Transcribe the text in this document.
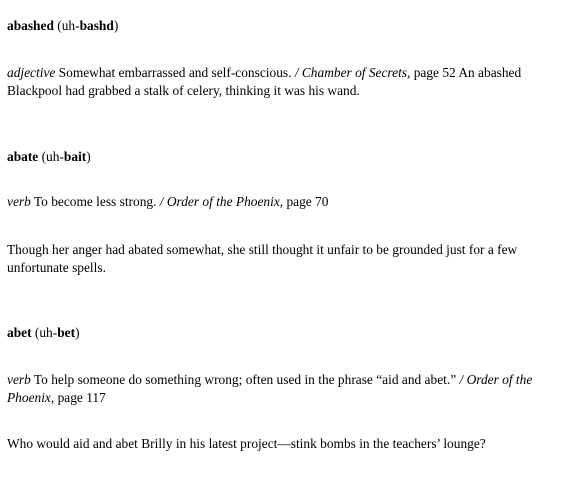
abashed (uh-bashd)
adjective Somewhat embarrassed and self-conscious. / Chamber of Secrets, page 52 An abashed
Blackpool had grabbed a stalk of celery, thinking it was his wand.
abate (uh-bait)
verb To become less strong. / Order of the Phoenix, page 70
Though her anger had abated somewhat, she still thought it unfair to be grounded just for a few
unfortunate spells.
abet (uh-bet)
verb To help someone do something wrong; often used in the phrase “aid and abet.” / Order of the
Phoenix, page 117
Who would aid and abet Brilly in his latest project—stink bombs in the teachers’ lounge?
